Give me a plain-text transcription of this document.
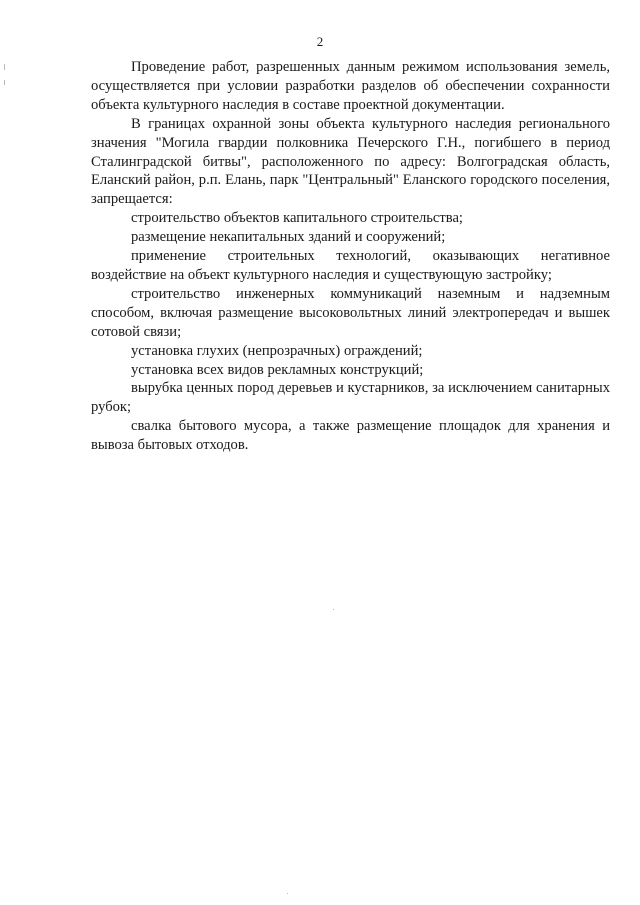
2

Проведение работ, разрешенных данным режимом использования земель, осуществляется при условии разработки разделов об обеспечении сохранности объекта культурного наследия в составе проектной документации.

В границах охранной зоны объекта культурного наследия регионального значения "Могила гвардии полковника Печерского Г.Н., погибшего в период Сталинградской битвы", расположенного по адресу: Волгоградская область, Еланский район, р.п. Елань, парк "Центральный" Еланского городского поселения, запрещается:

строительство объектов капитального строительства;

размещение некапитальных зданий и сооружений;

применение строительных технологий, оказывающих негативное воздействие на объект культурного наследия и существующую застройку;

строительство инженерных коммуникаций наземным и надземным способом, включая размещение высоковольтных линий электропередач и вышек сотовой связи;

установка глухих (непрозрачных) ограждений;

установка всех видов рекламных конструкций;

вырубка ценных пород деревьев и кустарников, за исключением санитарных рубок;

свалка бытового мусора, а также размещение площадок для хранения и вывоза бытовых отходов.
